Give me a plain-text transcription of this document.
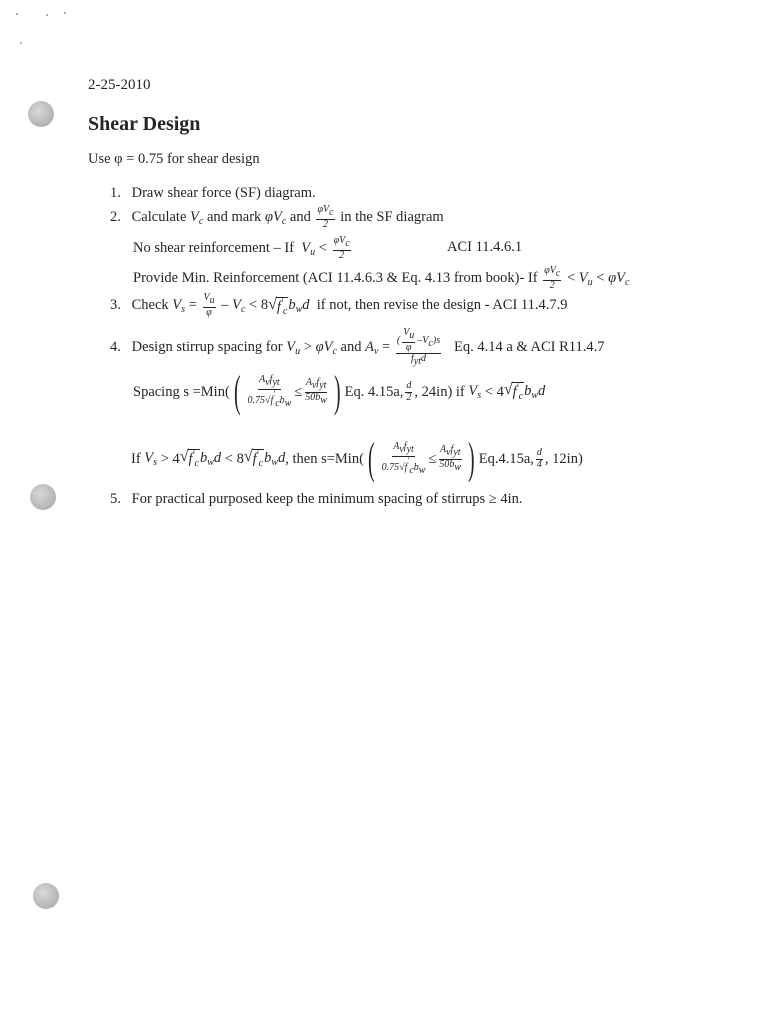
2-25-2010
Shear Design
Use φ = 0.75 for shear design
1. Draw shear force (SF) diagram.
2. Calculate $V_c$ and mark $\varphi V_c$ and $\frac{\text{φVc}}{2}$ in the SF diagram
No shear reinforcement – If $V_u < \frac{\text{φVc}}{2}$	ACI 11.4.6.1
Provide Min. Reinforcement (ACI 11.4.6.3 & Eq. 4.13 from book)- If $\frac{\text{φVc}}{2} < V_u < \varphi V_c$
3. Check $V_s = \frac{Vu}{\varphi} - V_c < 8$ √ $f'_c$ $b_wd$ if not, then revise the design - ACI 11.4.7.9
4. Design stirrup spacing for $V_u > \varphi V_c$ and $A_v = \frac{( \frac{Vu}{\varphi} -Vc)s}{\text{fytd}} Eq$. 4.14 a & ACI R11.4.7
Spacing s =Min( ( $\frac{\text{Avfyt}}{\text{0.75√f′cbw}} \le \frac{\text{Avfyt}}{50bw}$ ) Eq. 4.15a, $\frac{d}{2}$ , 24in) if
$V_s$
<
4 √ $f'_c$ $b_wd$
If
$V_s$
>
4 √ $f'_c$ $b_wd$
<
8 √ $f'_c$ $b_wd$ , then s=Min( ( $\frac{\text{Avfyt}}{\text{0.75√f′cbw}} \le \frac{\text{Avfyt}}{50bw}$ ) Eq.4.15a, $\frac{d}{4}$ , 12in)
5. For practical purposed keep the minimum spacing of stirrups ≥ 4in.
